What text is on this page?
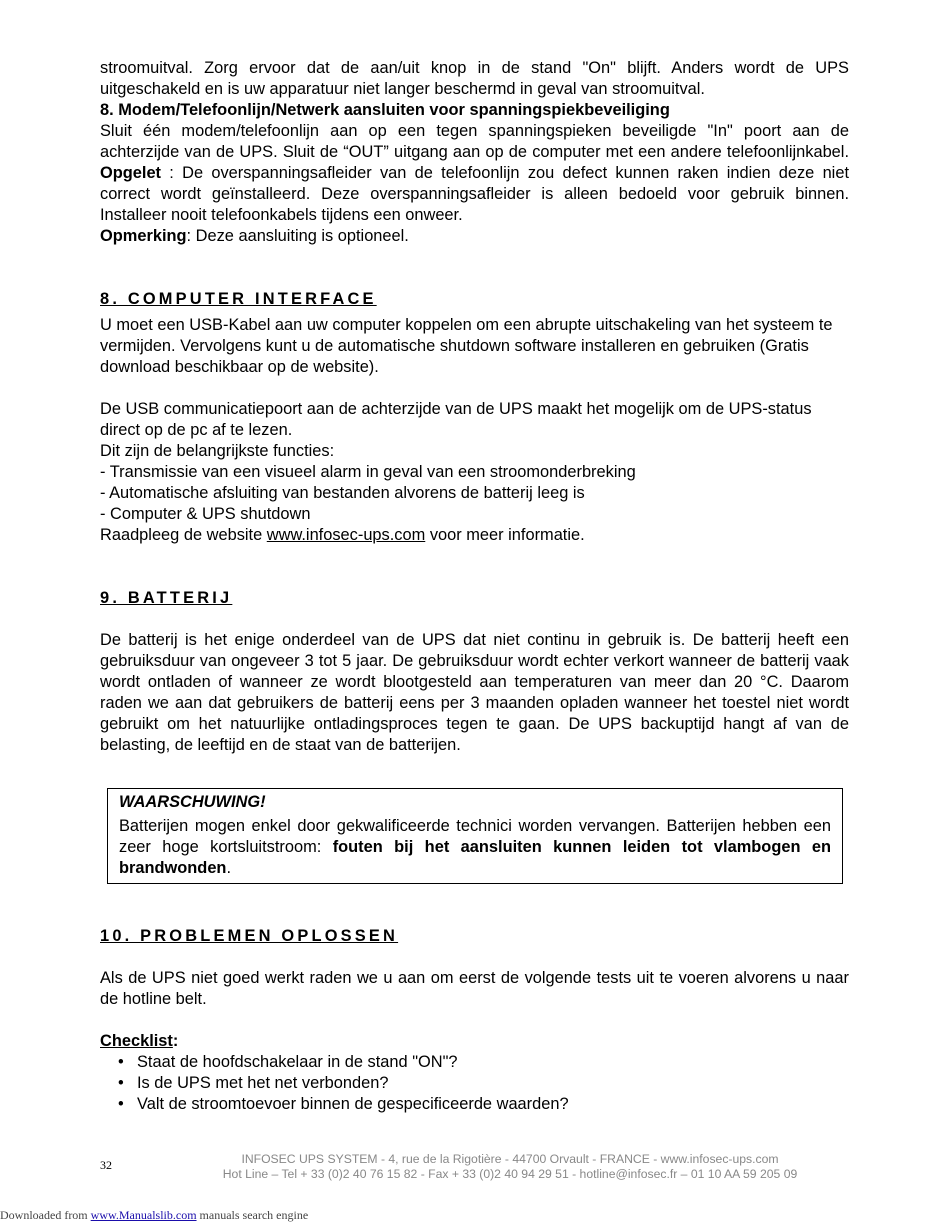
stroomuitval. Zorg ervoor dat de aan/uit knop in de stand "On" blijft. Anders wordt de UPS uitgeschakeld en is uw apparatuur niet langer beschermd in geval van stroomuitval.

8. Modem/Telefoonlijn/Netwerk aansluiten voor spanningspiekbeveiliging

Sluit één modem/telefoonlijn aan op een tegen spanningspieken beveiligde "In" poort aan de achterzijde van de UPS. Sluit de “OUT” uitgang aan op de computer met een andere telefoonlijnkabel. Opgelet : De overspanningsafleider van de telefoonlijn zou defect kunnen raken indien deze niet correct wordt geïnstalleerd. Deze overspanningsafleider is alleen bedoeld voor gebruik binnen. Installeer nooit telefoonkabels tijdens een onweer.

Opmerking: Deze aansluiting is optioneel.

8. COMPUTER INTERFACE

U moet een USB-Kabel aan uw computer koppelen om een abrupte uitschakeling van het systeem te vermijden. Vervolgens kunt u de automatische shutdown software installeren en gebruiken (Gratis download beschikbaar op de website).

De USB communicatiepoort aan de achterzijde van de UPS maakt het mogelijk om de UPS-status direct op de pc af te lezen.

Dit zijn de belangrijkste functies:

- Transmissie van een visueel alarm in geval van een stroomonderbreking

- Automatische afsluiting van bestanden alvorens de batterij leeg is

- Computer & UPS shutdown

Raadpleeg de website www.infosec-ups.com voor meer informatie.

9. BATTERIJ

De batterij is het enige onderdeel van de UPS dat niet continu in gebruik is. De batterij heeft een gebruiksduur van ongeveer 3 tot 5 jaar. De gebruiksduur wordt echter verkort wanneer de batterij vaak wordt ontladen of wanneer ze wordt blootgesteld aan temperaturen van meer dan 20 °C. Daarom raden we aan dat gebruikers de batterij eens per 3 maanden opladen wanneer het toestel niet wordt gebruikt om het natuurlijke ontladingsproces tegen te gaan. De UPS backuptijd hangt af van de belasting, de leeftijd en de staat van de batterijen.

WAARSCHUWING!

Batterijen mogen enkel door gekwalificeerde technici worden vervangen. Batterijen hebben een zeer hoge kortsluitstroom: fouten bij het aansluiten kunnen leiden tot vlambogen en brandwonden.

10. PROBLEMEN OPLOSSEN

Als de UPS niet goed werkt raden we u aan om eerst de volgende tests uit te voeren alvorens u naar de hotline belt.

Checklist:

• Staat de hoofdschakelaar in de stand "ON"?
• Is de UPS met het net verbonden?
• Valt de stroomtoevoer binnen de gespecificeerde waarden?
32	INFOSEC UPS SYSTEM - 4, rue de la Rigotière - 44700 Orvault - FRANCE - www.infosec-ups.com
Hot Line – Tel + 33 (0)2 40 76 15 82 - Fax + 33 (0)2 40 94 29 51 - hotline@infosec.fr – 01 10 AA 59 205 09
Downloaded from www.Manualslib.com manuals search engine
